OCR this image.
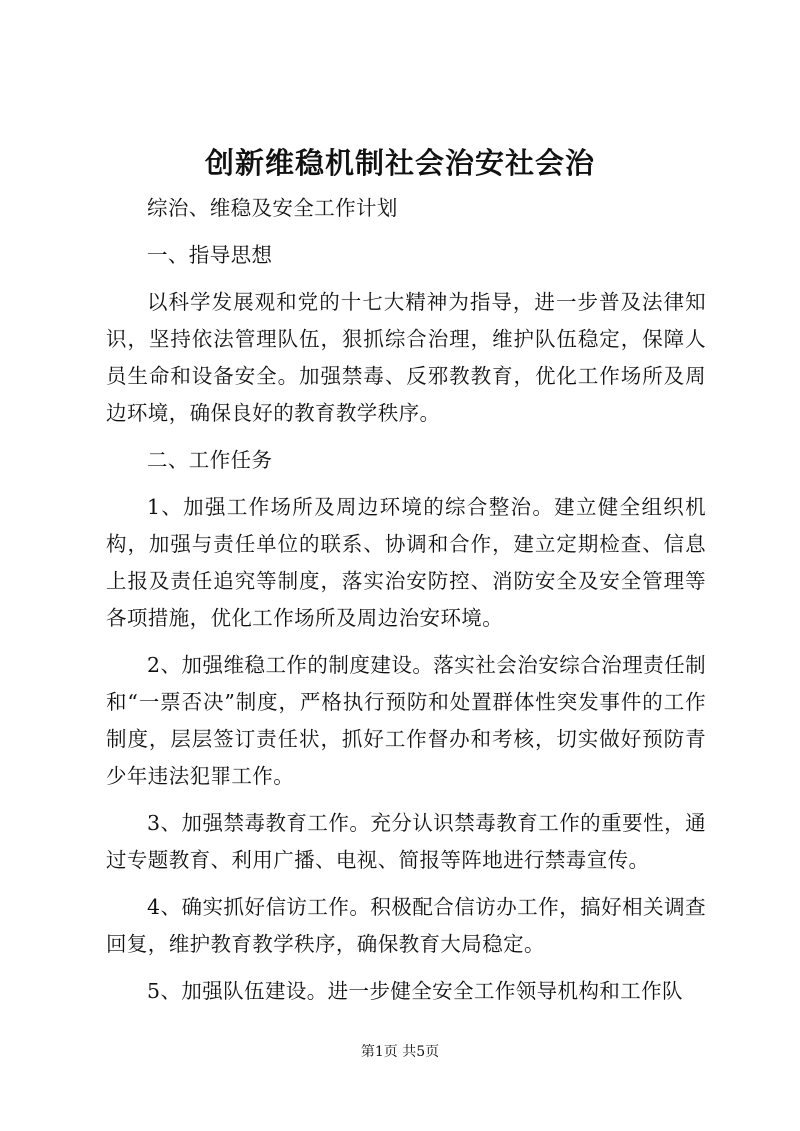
创新维稳机制社会治安社会治

综治、维稳及安全工作计划

一、指导思想

以科学发展观和党的十七大精神为指导，进一步普及法律知识，坚持依法管理队伍，狠抓综合治理，维护队伍稳定，保障人员生命和设备安全。加强禁毒、反邪教教育，优化工作场所及周边环境，确保良好的教育教学秩序。

二、工作任务

1、加强工作场所及周边环境的综合整治。建立健全组织机构，加强与责任单位的联系、协调和合作，建立定期检查、信息上报及责任追究等制度，落实治安防控、消防安全及安全管理等各项措施，优化工作场所及周边治安环境。

2、加强维稳工作的制度建设。落实社会治安综合治理责任制和“一票否决”制度，严格执行预防和处置群体性突发事件的工作制度，层层签订责任状，抓好工作督办和考核，切实做好预防青少年违法犯罪工作。

3、加强禁毒教育工作。充分认识禁毒教育工作的重要性，通过专题教育、利用广播、电视、简报等阵地进行禁毒宣传。

4、确实抓好信访工作。积极配合信访办工作，搞好相关调查回复，维护教育教学秩序，确保教育大局稳定。

5、加强队伍建设。进一步健全安全工作领导机构和工作队

第1页 共5页
